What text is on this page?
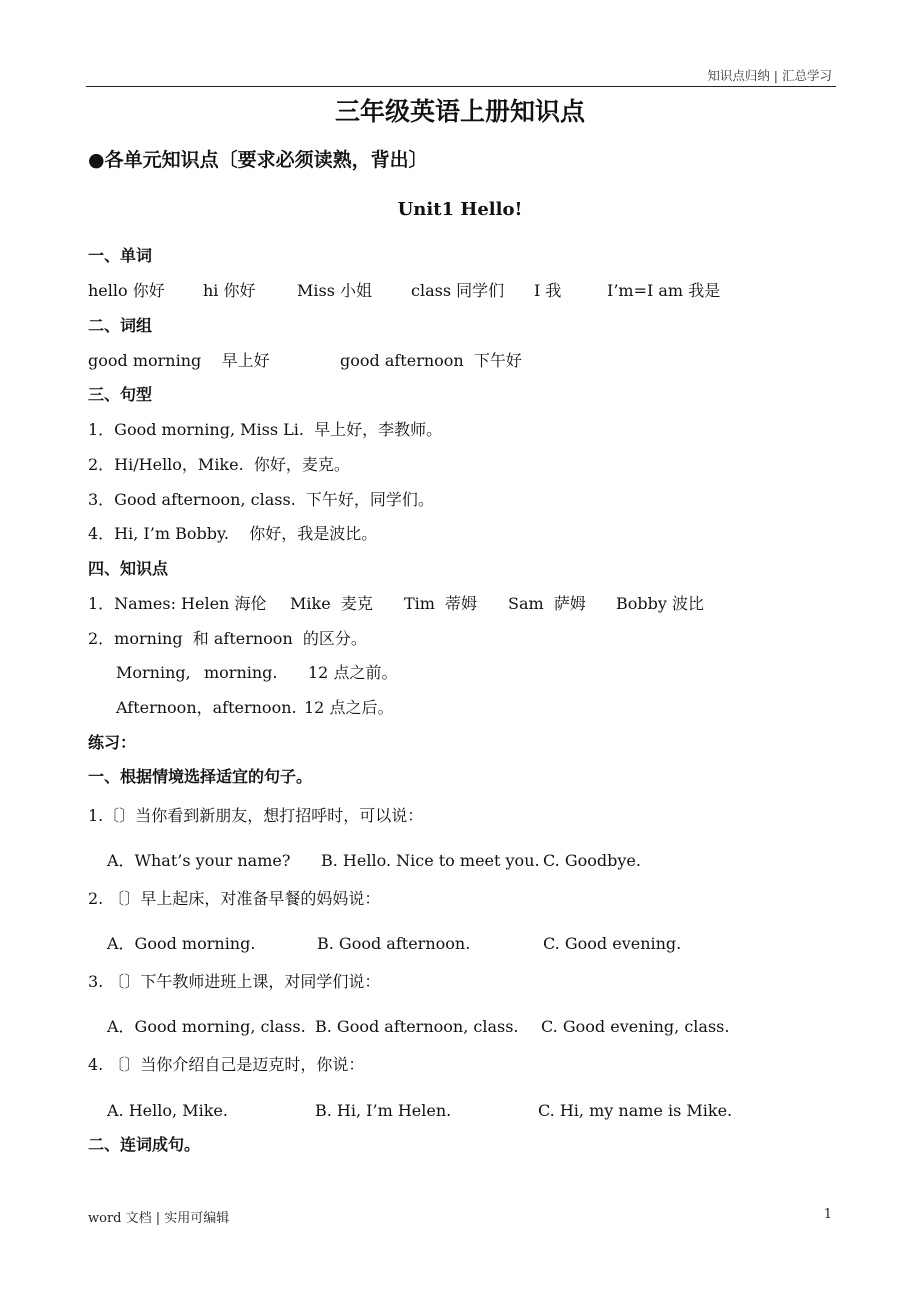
知识点归纳 | 汇总学习
三年级英语上册知识点
●各单元知识点〔要求必须读熟，背出〕
Unit1 Hello!
一、单词
hello 你好 hi 你好	Miss 小姐 class 同学们 I 我	I’m=I am 我是
二、词组
good morning    早上好	good afternoon  下午好
三、句型
1．Good morning, Miss Li.  早上好，李教师。
2．Hi/Hello，Mike.  你好，麦克。
3．Good afternoon, class.  下午好，同学们。
4．Hi, I’m Bobby.    你好，我是波比。
四、知识点
1．Names: Helen 海伦 Mike  麦克 Tim  蒂姆 Sam  萨姆 Bobby 波比
2．morning  和 afternoon  的区分。
Morning, morning. 12 点之前。
Afternoon，afternoon. 12 点之后。
练习：
一、根据情境选择适宜的句子。
1.〔〕当你看到新朋友，想打招呼时，可以说：
A．What’s your name? B. Hello. Nice to meet you. C. Goodbye.
2. 〔〕早上起床，对准备早餐的妈妈说：
A．Good morning.	B. Good afternoon.	C. Good evening.
3. 〔〕下午教师进班上课，对同学们说：
A．Good morning, class. B. Good afternoon, class. C. Good evening, class.
4. 〔〕当你介绍自己是迈克时，你说：
A. Hello, Mike.	B. Hi, I’m Helen.	C. Hi, my name is Mike.
二、连词成句。
word 文档 | 实用可编辑	1
